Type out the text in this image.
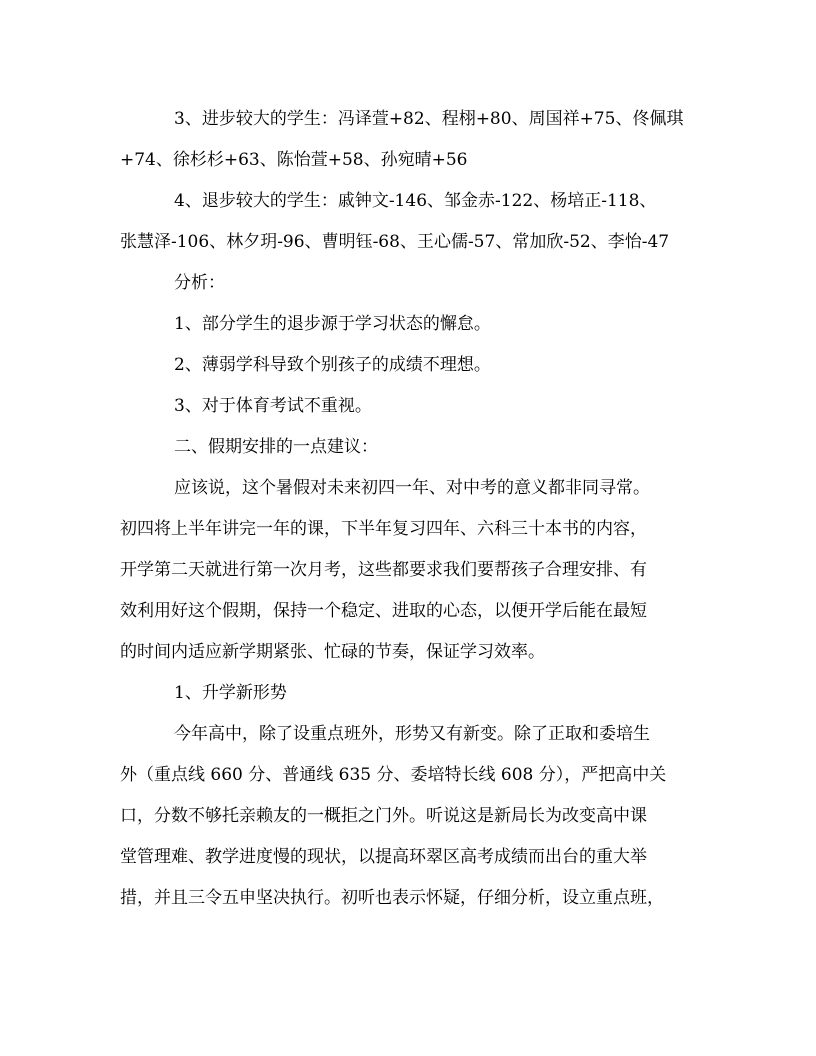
3、进步较大的学生：冯译萱+82、程栩+80、周国祥+75、佟佩琪

+74、徐杉杉+63、陈怡萱+58、孙宛晴+56

4、退步较大的学生：戚钟文-146、邹金赤-122、杨培正-118、

张慧泽-106、林夕玥-96、曹明钰-68、王心儒-57、常加欣-52、李怡-47

分析：

1、部分学生的退步源于学习状态的懈怠。

2、薄弱学科导致个别孩子的成绩不理想。

3、对于体育考试不重视。

二、假期安排的一点建议：

应该说，这个暑假对未来初四一年、对中考的意义都非同寻常。

初四将上半年讲完一年的课，下半年复习四年、六科三十本书的内容，

开学第二天就进行第一次月考，这些都要求我们要帮孩子合理安排、有

效利用好这个假期，保持一个稳定、进取的心态，以便开学后能在最短

的时间内适应新学期紧张、忙碌的节奏，保证学习效率。

1、升学新形势

今年高中，除了设重点班外，形势又有新变。除了正取和委培生

外（重点线 660 分、普通线 635 分、委培特长线 608 分），严把高中关

口，分数不够托亲赖友的一概拒之门外。听说这是新局长为改变高中课

堂管理难、教学进度慢的现状，以提高环翠区高考成绩而出台的重大举

措，并且三令五申坚决执行。初听也表示怀疑，仔细分析，设立重点班，
